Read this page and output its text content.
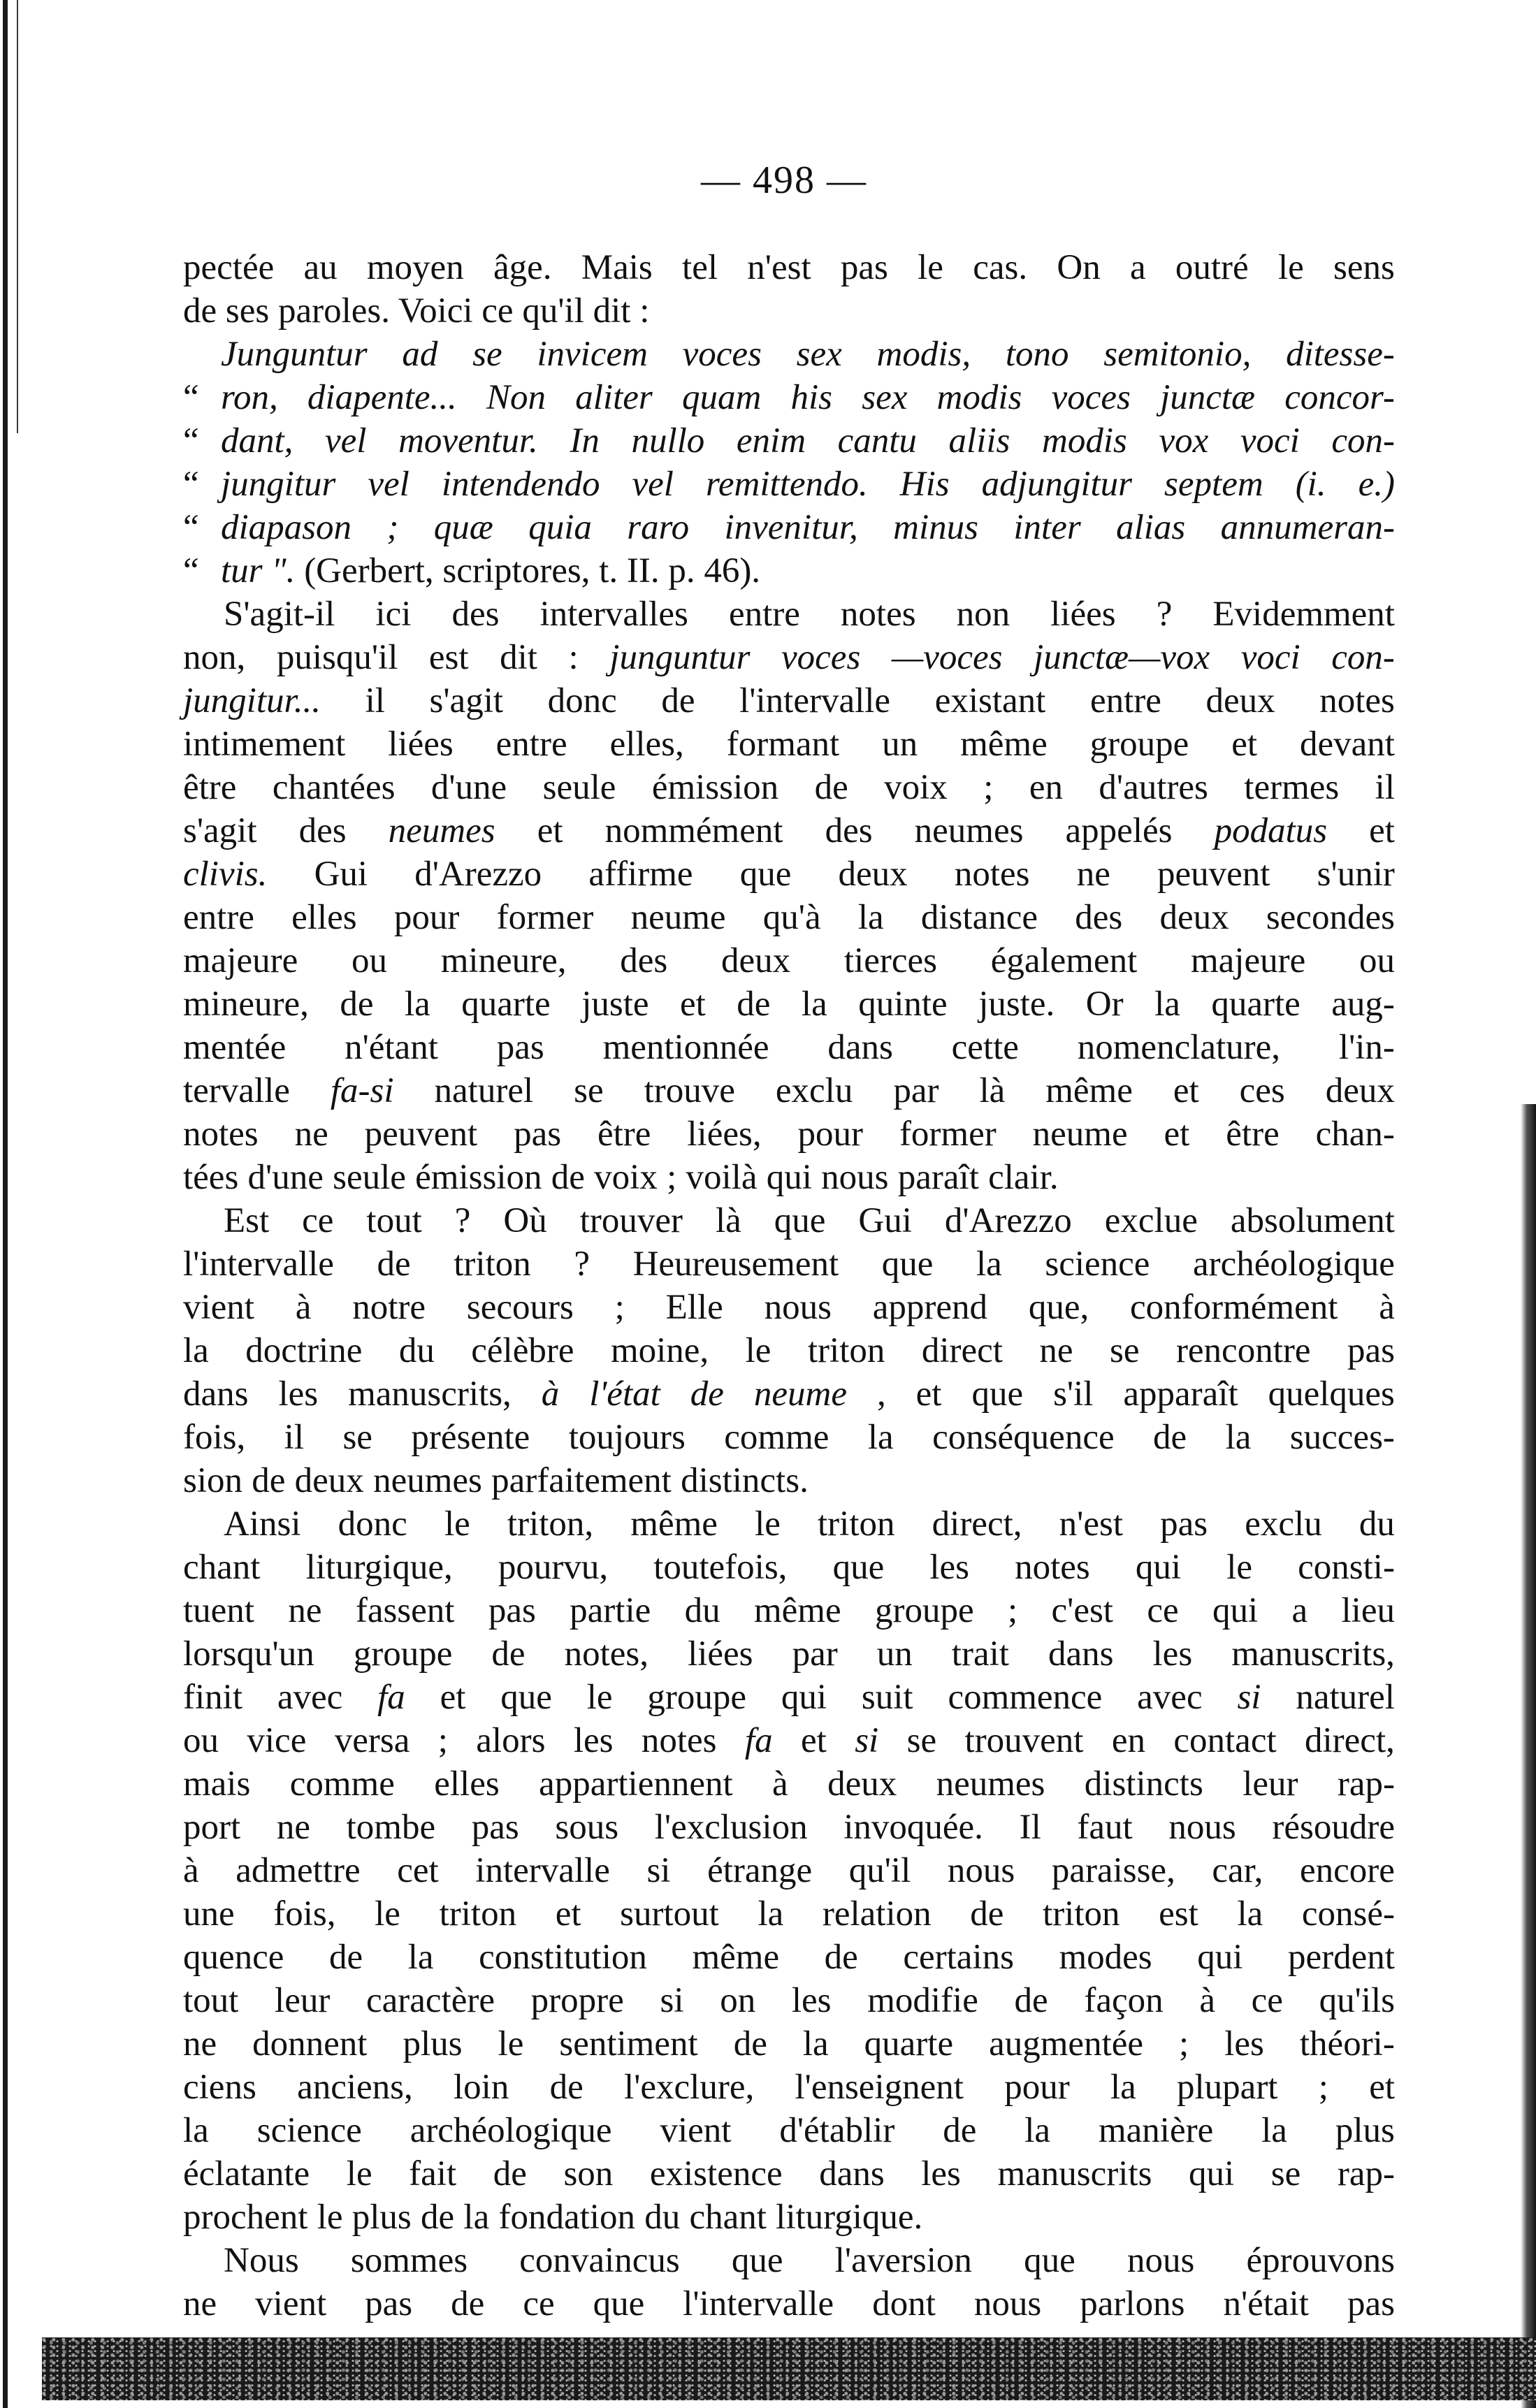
— 498 —
pectée au moyen âge. Mais tel n'est pas le cas. On a outré le sens
de ses paroles. Voici ce qu'il dit :
Junguntur ad se invicem voces sex modis, tono semitonio, ditesse-
“ ron, diapente... Non aliter quam his sex modis voces junctæ concor-
“ dant, vel moventur. In nullo enim cantu aliis modis vox voci con-
“ jungitur vel intendendo vel remittendo. His adjungitur septem (i. e.)
“ diapason ; quæ quia raro invenitur, minus inter alias annumeran-
“ tur ". (Gerbert, scriptores, t. II. p. 46).
S'agit-il ici des intervalles entre notes non liées ? Evidemment
non, puisqu'il est dit : junguntur voces —voces junctæ—vox voci con-
jungitur... il s'agit donc de l'intervalle existant entre deux notes
intimement liées entre elles, formant un même groupe et devant
être chantées d'une seule émission de voix ; en d'autres termes il
s'agit des neumes et nommément des neumes appelés podatus et
clivis. Gui d'Arezzo affirme que deux notes ne peuvent s'unir
entre elles pour former neume qu'à la distance des deux secondes
majeure ou mineure, des deux tierces également majeure ou
mineure, de la quarte juste et de la quinte juste. Or la quarte aug-
mentée n'étant pas mentionnée dans cette nomenclature, l'in-
tervalle fa-si naturel se trouve exclu par là même et ces deux
notes ne peuvent pas être liées, pour former neume et être chan-
tées d'une seule émission de voix ; voilà qui nous paraît clair.
Est ce tout ? Où trouver là que Gui d'Arezzo exclue absolument
l'intervalle de triton ? Heureusement que la science archéologique
vient à notre secours ; Elle nous apprend que, conformément à
la doctrine du célèbre moine, le triton direct ne se rencontre pas
dans les manuscrits, à l'état de neume , et que s'il apparaît quelques
fois, il se présente toujours comme la conséquence de la succes-
sion de deux neumes parfaitement distincts.
Ainsi donc le triton, même le triton direct, n'est pas exclu du
chant liturgique, pourvu, toutefois, que les notes qui le consti-
tuent ne fassent pas partie du même groupe ; c'est ce qui a lieu
lorsqu'un groupe de notes, liées par un trait dans les manuscrits,
finit avec fa et que le groupe qui suit commence avec si naturel
ou vice versa ; alors les notes fa et si se trouvent en contact direct,
mais comme elles appartiennent à deux neumes distincts leur rap-
port ne tombe pas sous l'exclusion invoquée. Il faut nous résoudre
à admettre cet intervalle si étrange qu'il nous paraisse, car, encore
une fois, le triton et surtout la relation de triton est la consé-
quence de la constitution même de certains modes qui perdent
tout leur caractère propre si on les modifie de façon à ce qu'ils
ne donnent plus le sentiment de la quarte augmentée ; les théori-
ciens anciens, loin de l'exclure, l'enseignent pour la plupart ; et
la science archéologique vient d'établir de la manière la plus
éclatante le fait de son existence dans les manuscrits qui se rap-
prochent le plus de la fondation du chant liturgique.
Nous sommes convaincus que l'aversion que nous éprouvons
ne vient pas de ce que l'intervalle dont nous parlons n'était pas
